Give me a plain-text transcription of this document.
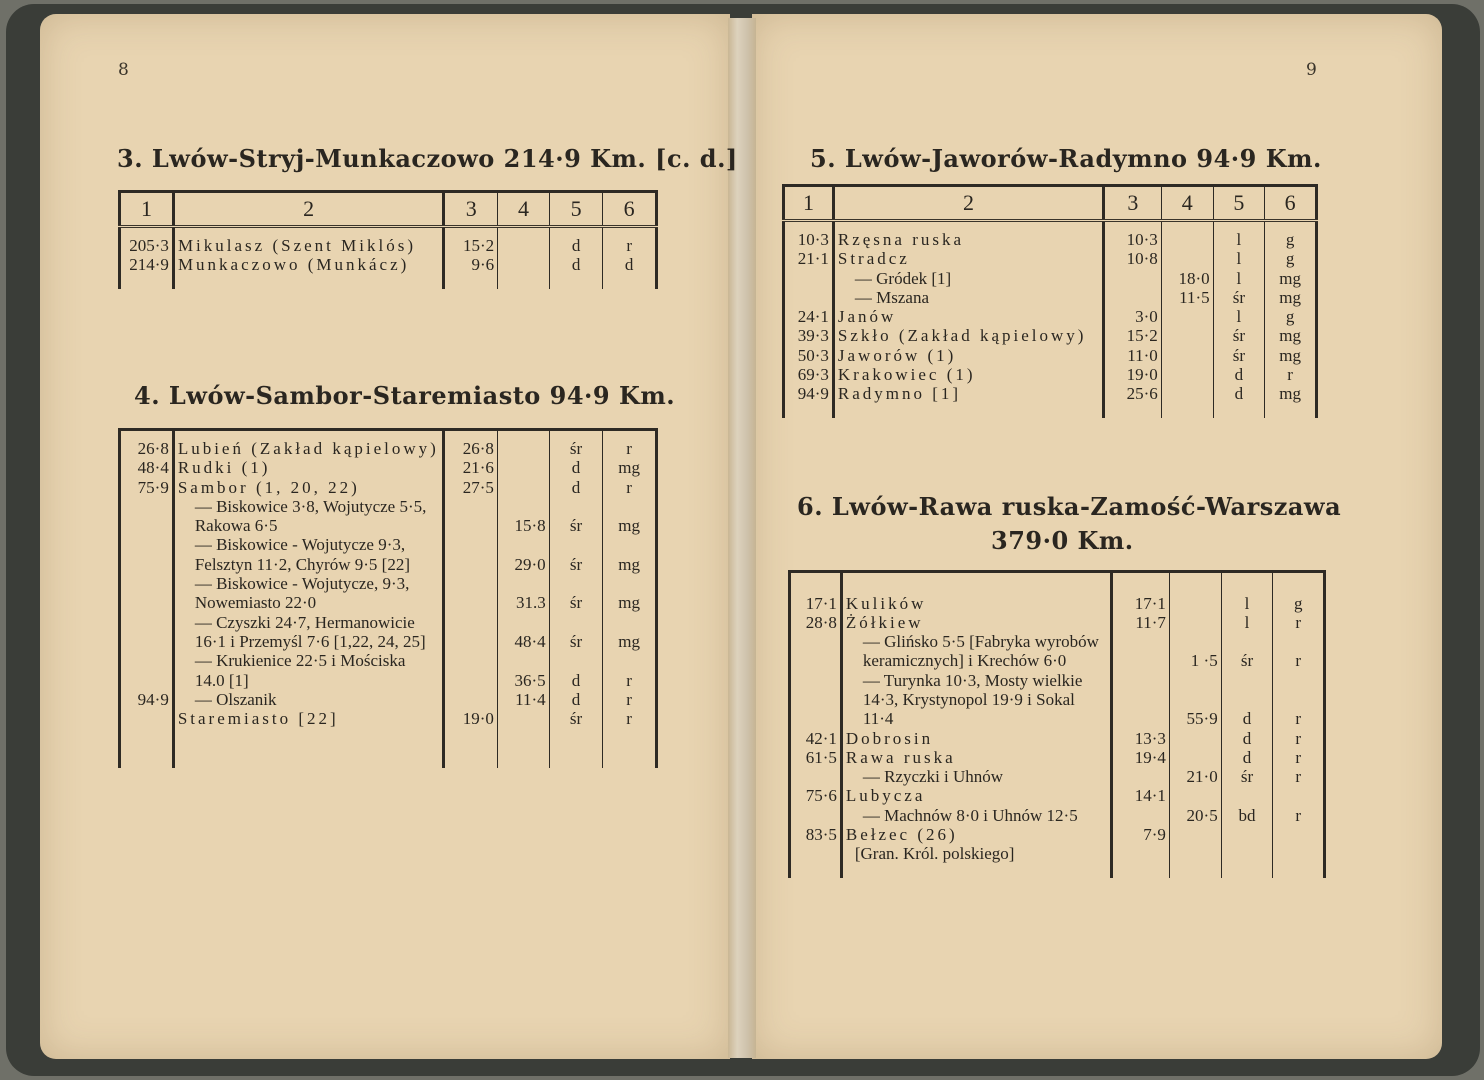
8	9
3. Lwów-Stryj-Munkaczowo 214·9 Km. [c. d.]
1	2	3	4	5	6

205·3	Mikulasz (Szent Miklós)	15·2		d	r
214·9	Munkaczowo (Munkácz)	9·6		d	d

4. Lwów-Sambor-Staremiasto 94·9 Km.

26·8	Lubień (Zakład kąpielowy)	26·8		śr	r
48·4	Rudki (1)	21·6		d	mg
75·9	Sambor (1, 20, 22)	27·5		d	r
	— Biskowice 3·8, Wojutycze 5·5, Rakowa 6·5		15·8	śr	mg
	— Biskowice - Wojutycze 9·3, Felsztyn 11·2, Chyrów 9·5 [22]		29·0	śr	mg
	— Biskowice - Wojutycze, 9·3, Nowemiasto 22·0		31.3	śr	mg
	— Czyszki 24·7, Hermanowicie 16·1 i Przemyśl 7·6 [1,22, 24, 25]		48·4	śr	mg
	— Krukienice 22·5 i Mościska 14.0 [1]		36·5	d	r
94·9	— Olszanik		11·4	d	r
	Staremiasto [22]	19·0		śr	r

5. Lwów-Jaworów-Radymno 94·9 Km.
1	2	3	4	5	6

10·3	Rzęsna ruska	10·3		l	g
21·1	Stradcz	10·8		l	g
	— Gródek [1]		18·0	l	mg
	— Mszana		11·5	śr	mg
24·1	Janów	3·0		l	g
39·3	Szkło (Zakład kąpielowy)	15·2		śr	mg
50·3	Jaworów (1)	11·0		śr	mg
69·3	Krakowiec (1)	19·0		d	r
94·9	Radymno [1]	25·6		d	mg

6. Lwów-Rawa ruska-Zamość-Warszawa
379·0 Km.

17·1	Kulików	17·1		l	g
28·8	Żółkiew	11·7		l	r
	— Glińsko 5·5 [Fabryka wyrobów keramicznych] i Krechów 6·0		1 ·5	śr	r
	— Turynka 10·3, Mosty wielkie 14·3, Krystynopol 19·9 i Sokal 11·4		55·9	d	r
42·1	Dobrosin	13·3		d	r
61·5	Rawa ruska	19·4		d	r
	— Rzyczki i Uhnów		21·0	śr	r
75·6	Lubycza	14·1			
	— Machnów 8·0 i Uhnów 12·5		20·5	bd	r
83·5	Bełzec (26)	7·9			
	[Gran. Król. polskiego]				
